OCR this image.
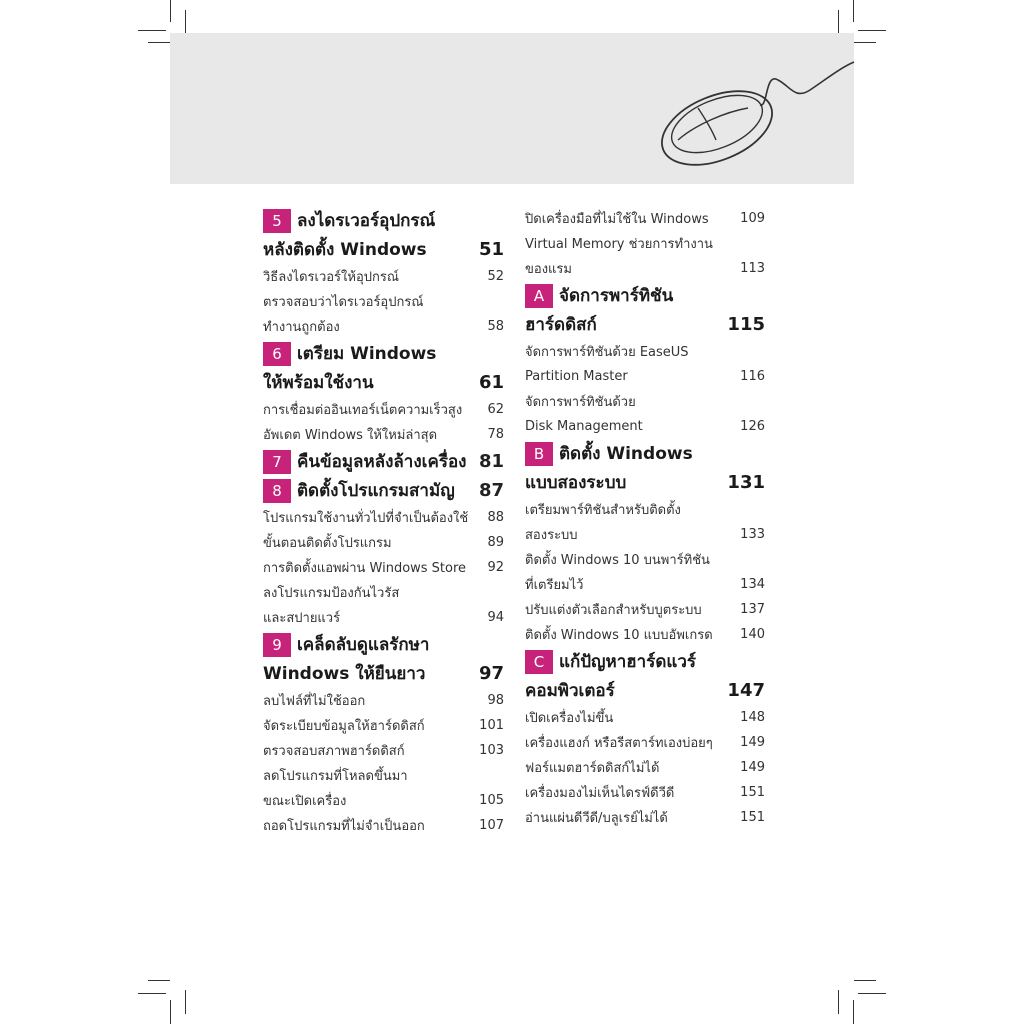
5 ลงไดรเวอร์อุปกรณ์
หลังติดตั้ง Windows	51
วิธีลงไดรเวอร์ให้อุปกรณ์	52
ตรวจสอบว่าไดรเวอร์อุปกรณ์
ทำงานถูกต้อง	58
6 เตรียม Windows
ให้พร้อมใช้งาน	61
การเชื่อมต่ออินเทอร์เน็ตความเร็วสูง 62
อัพเดต Windows ให้ใหม่ล่าสุด	78
7 คืนข้อมูลหลังล้างเครื่อง 81
8 ติดตั้งโปรแกรมสามัญ	87
โปรแกรมใช้งานทั่วไปที่จำเป็นต้องใช้ 88
ขั้นตอนติดตั้งโปรแกรม	89
การติดตั้งแอพผ่าน Windows Store 92
ลงโปรแกรมป้องกันไวรัส
และสปายแวร์	94
9 เคล็ดลับดูแลรักษา
Windows ให้ยืนยาว	97
ลบไฟล์ที่ไม่ใช้ออก	98
จัดระเบียบข้อมูลให้ฮาร์ดดิสก์	101
ตรวจสอบสภาพฮาร์ดดิสก์	103
ลดโปรแกรมที่โหลดขึ้นมา
ขณะเปิดเครื่อง	105
ถอดโปรแกรมที่ไม่จำเป็นออก	107
ปิดเครื่องมือที่ไม่ใช้ใน Windows 109
Virtual Memory ช่วยการทำงาน
ของแรม	113
A จัดการพาร์ทิชัน
ฮาร์ดดิสก์	115
จัดการพาร์ทิชันด้วย EaseUS
Partition Master	116
จัดการพาร์ทิชันด้วย
Disk Management	126
B ติดตั้ง Windows
แบบสองระบบ	131
เตรียมพาร์ทิชันสำหรับติดตั้ง
สองระบบ	133
ติดตั้ง Windows 10 บนพาร์ทิชัน
ที่เตรียมไว้	134
ปรับแต่งตัวเลือกสำหรับบูตระบบ	137
ติดตั้ง Windows 10 แบบอัพเกรด 140
C แก้ปัญหาฮาร์ดแวร์
คอมพิวเตอร์	147
เปิดเครื่องไม่ขึ้น	148
เครื่องแฮงก์ หรือรีสตาร์ทเองบ่อยๆ 149
ฟอร์แมตฮาร์ดดิสก์ไม่ได้	149
เครื่องมองไม่เห็นไดรฟ์ดีวีดี	151
อ่านแผ่นดีวีดี/บลูเรย์ไม่ได้	151
